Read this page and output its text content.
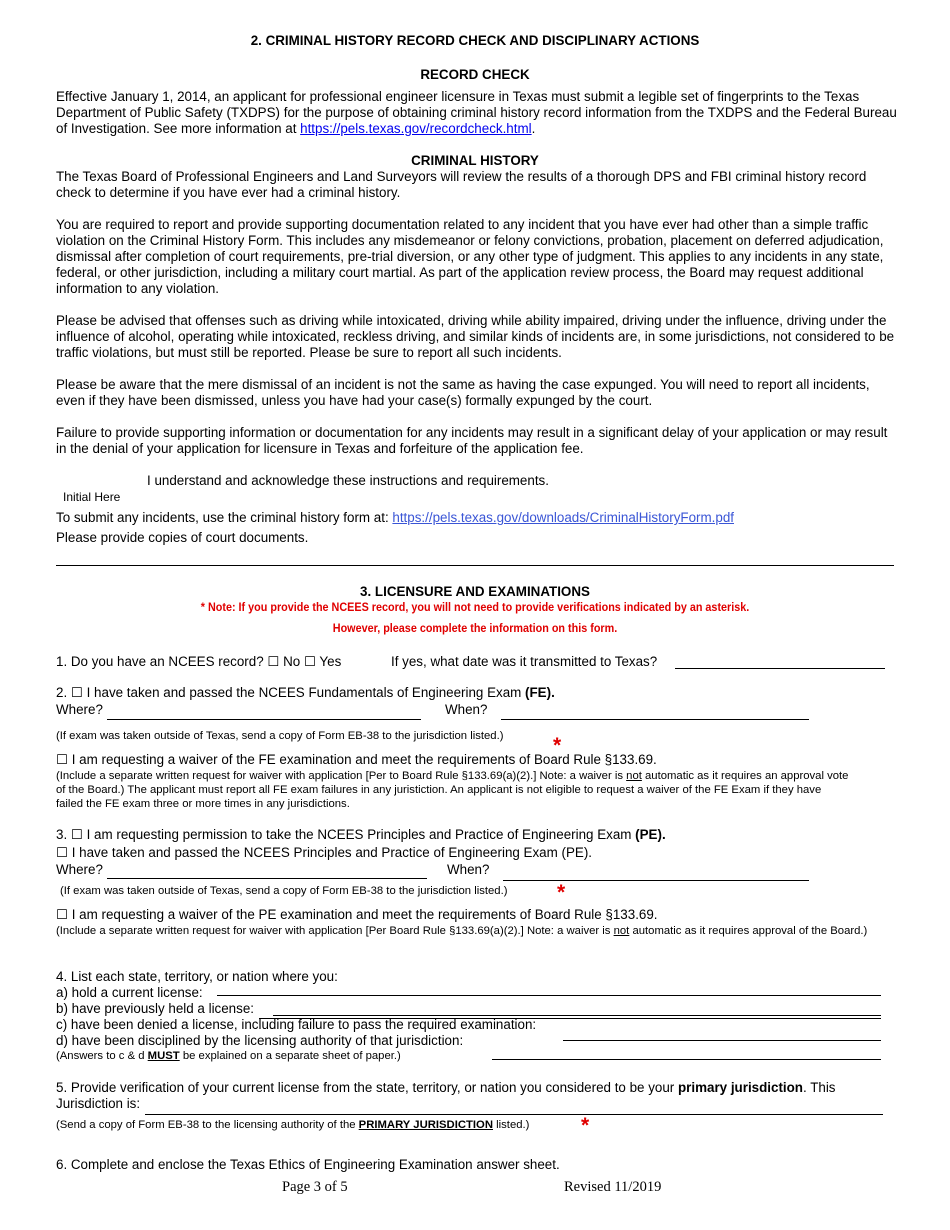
2. CRIMINAL HISTORY RECORD CHECK AND DISCIPLINARY ACTIONS
RECORD CHECK
Effective January 1, 2014, an applicant for professional engineer licensure in Texas must submit a legible set of fingerprints to the Texas Department of Public Safety (TXDPS) for the purpose of obtaining criminal history record information from the TXDPS and the Federal Bureau of Investigation. See more information at https://pels.texas.gov/recordcheck.html.
CRIMINAL HISTORY
The Texas Board of Professional Engineers and Land Surveyors will review the results of a thorough DPS and FBI criminal history record check to determine if you have ever had a criminal history.
You are required to report and provide supporting documentation related to any incident that you have ever had other than a simple traffic violation on the Criminal History Form. This includes any misdemeanor or felony convictions, probation, placement on deferred adjudication, dismissal after completion of court requirements, pre-trial diversion, or any other type of judgment. This applies to any incidents in any state, federal, or other jurisdiction, including a military court martial. As part of the application review process, the Board may request additional information to any violation.
Please be advised that offenses such as driving while intoxicated, driving while ability impaired, driving under the influence, driving under the influence of alcohol, operating while intoxicated, reckless driving, and similar kinds of incidents are, in some jurisdictions, not considered to be traffic violations, but must still be reported. Please be sure to report all such incidents.
Please be aware that the mere dismissal of an incident is not the same as having the case expunged. You will need to report all incidents, even if they have been dismissed, unless you have had your case(s) formally expunged by the court.
Failure to provide supporting information or documentation for any incidents may result in a significant delay of your application or may result in the denial of your application for licensure in Texas and forfeiture of the application fee.
I understand and acknowledge these instructions and requirements.
Initial Here
To submit any incidents, use the criminal history form at: https://pels.texas.gov/downloads/CriminalHistoryForm.pdf
Please provide copies of court documents.
3. LICENSURE AND EXAMINATIONS
* Note: If you provide the NCEES record, you will not need to provide verifications indicated by an asterisk.
However, please complete the information on this form.
1. Do you have an NCEES record? ☐ No ☐ Yes	If yes, what date was it transmitted to Texas?
2. ☐ I have taken and passed the NCEES Fundamentals of Engineering Exam (FE).
Where?	When?
(If exam was taken outside of Texas, send a copy of Form EB-38 to the jurisdiction listed.) *
☐ I am requesting a waiver of the FE examination and meet the requirements of Board Rule §133.69.
(Include a separate written request for waiver with application [Per to Board Rule §133.69(a)(2).] Note: a waiver is not automatic as it requires an approval vote of the Board.) The applicant must report all FE exam failures in any juristiction. An applicant is not eligible to request a waiver of the FE Exam if they have failed the FE exam three or more times in any jurisdictions.
3. ☐ I am requesting permission to take the NCEES Principles and Practice of Engineering Exam (PE).
☐ I have taken and passed the NCEES Principles and Practice of Engineering Exam (PE).
Where?	When?
(If exam was taken outside of Texas, send a copy of Form EB-38 to the jurisdiction listed.) *
☐ I am requesting a waiver of the PE examination and meet the requirements of Board Rule §133.69.
(Include a separate written request for waiver with application [Per Board Rule §133.69(a)(2).] Note: a waiver is not automatic as it requires approval of the Board.)
4. List each state, territory, or nation where you:
a) hold a current license:
b) have previously held a license:
c) have been denied a license, including failure to pass the required examination:
d) have been disciplined by the licensing authority of that jurisdiction:
(Answers to c & d MUST be explained on a separate sheet of paper.)
5. Provide verification of your current license from the state, territory, or nation you considered to be your primary jurisdiction. This
Jurisdiction is:
(Send a copy of Form EB-38 to the licensing authority of the PRIMARY JURISDICTION listed.) *
6. Complete and enclose the Texas Ethics of Engineering Examination answer sheet.
Page 3 of 5	Revised 11/2019
